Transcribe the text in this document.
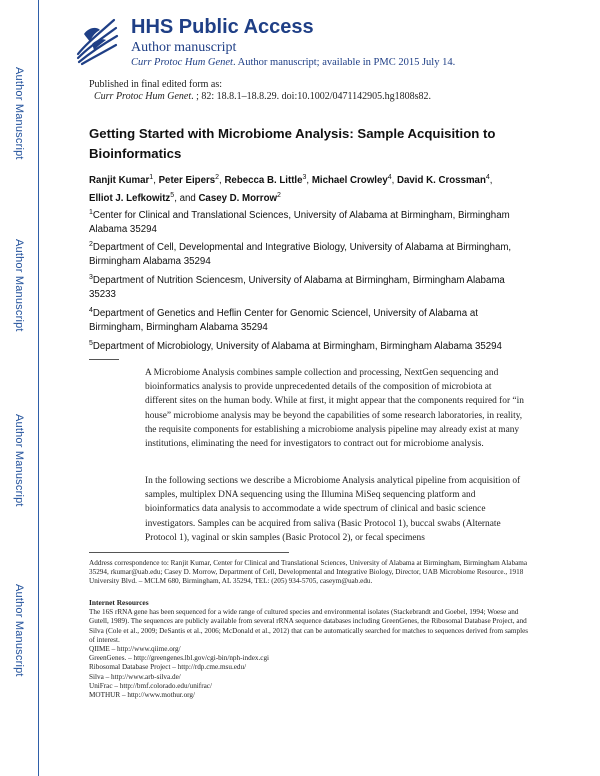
Author Manuscript
Author Manuscript
Author Manuscript
Author Manuscript
HHS Public Access
Author manuscript
Curr Protoc Hum Genet. Author manuscript; available in PMC 2015 July 14.
Published in final edited form as:
Curr Protoc Hum Genet. ; 82: 18.8.1–18.8.29. doi:10.1002/0471142905.hg1808s82.
Getting Started with Microbiome Analysis: Sample Acquisition to Bioinformatics
Ranjit Kumar$^1$, Peter Eipers$^2$, Rebecca B. Little$^3$, Michael Crowley$^4$, David K. Crossman$^4$,
Elliot J. Lefkowitz$^5$, and Casey D. Morrow$^2$
$^1$Center for Clinical and Translational Sciences, University of Alabama at Birmingham, Birmingham Alabama 35294
$^2$Department of Cell, Developmental and Integrative Biology, University of Alabama at Birmingham, Birmingham Alabama 35294
$^3$Department of Nutrition Sciencesm, University of Alabama at Birmingham, Birmingham Alabama 35233
$^4$Department of Genetics and Heflin Center for Genomic Sciencel, University of Alabama at Birmingham, Birmingham Alabama 35294
$^5$Department of Microbiology, University of Alabama at Birmingham, Birmingham Alabama 35294

A Microbiome Analysis combines sample collection and processing, NextGen sequencing and bioinformatics analysis to provide unprecedented details of the composition of microbiota at different sites on the human body. While at first, it might appear that the components required for “in house” microbiome analysis may be beyond the capabilities of some research laboratories, in reality, the requisite components for establishing a microbiome analysis pipeline may already exist at many institutions, eliminating the need for investigators to contract out for microbiome analysis.

In the following sections we describe a Microbiome Analysis analytical pipeline from acquisition of samples, multiplex DNA sequencing using the Illumina MiSeq sequencing platform and bioinformatics data analysis to accommodate a wide spectrum of clinical and basic science investigators. Samples can be acquired from saliva (Basic Protocol 1), buccal swabs (Alternate Protocol 1), vaginal or skin samples (Basic Protocol 2), or fecal specimens

Address correspondence to: Ranjit Kumar, Center for Clinical and Translational Sciences, University of Alabama at Birmingham, Birmingham Alabama 35294, rkumar@uab.edu; Casey D. Morrow, Department of Cell, Developmental and Integrative Biology, Director, UAB Microbiome Resource., 1918 University Blvd. – MCLM 680, Birmingham, AL 35294, TEL: (205) 934-5705, caseym@uab.edu.
Internet Resources
The 16S rRNA gene has been sequenced for a wide range of cultured species and environmental isolates (Stackebrandt and Goebel, 1994; Woese and Gutell, 1989). The sequences are publicly available from several rRNA sequence databases including GreenGenes, the Ribosomal Database Project, and Silva (Cole et al., 2009; DeSantis et al., 2006; McDonald et al., 2012) that can be automatically searched for matches to sequences derived from samples of interest.
QIIME – http://www.qiime.org/
GreenGenes. – http://greengenes.lbl.gov/cgi-bin/nph-index.cgi
Ribosomal Database Project – http://rdp.cme.msu.edu/
Silva – http://www.arb-silva.de/
UniFrac – http://bmf.colorado.edu/unifrac/
MOTHUR – http://www.mothur.org/
